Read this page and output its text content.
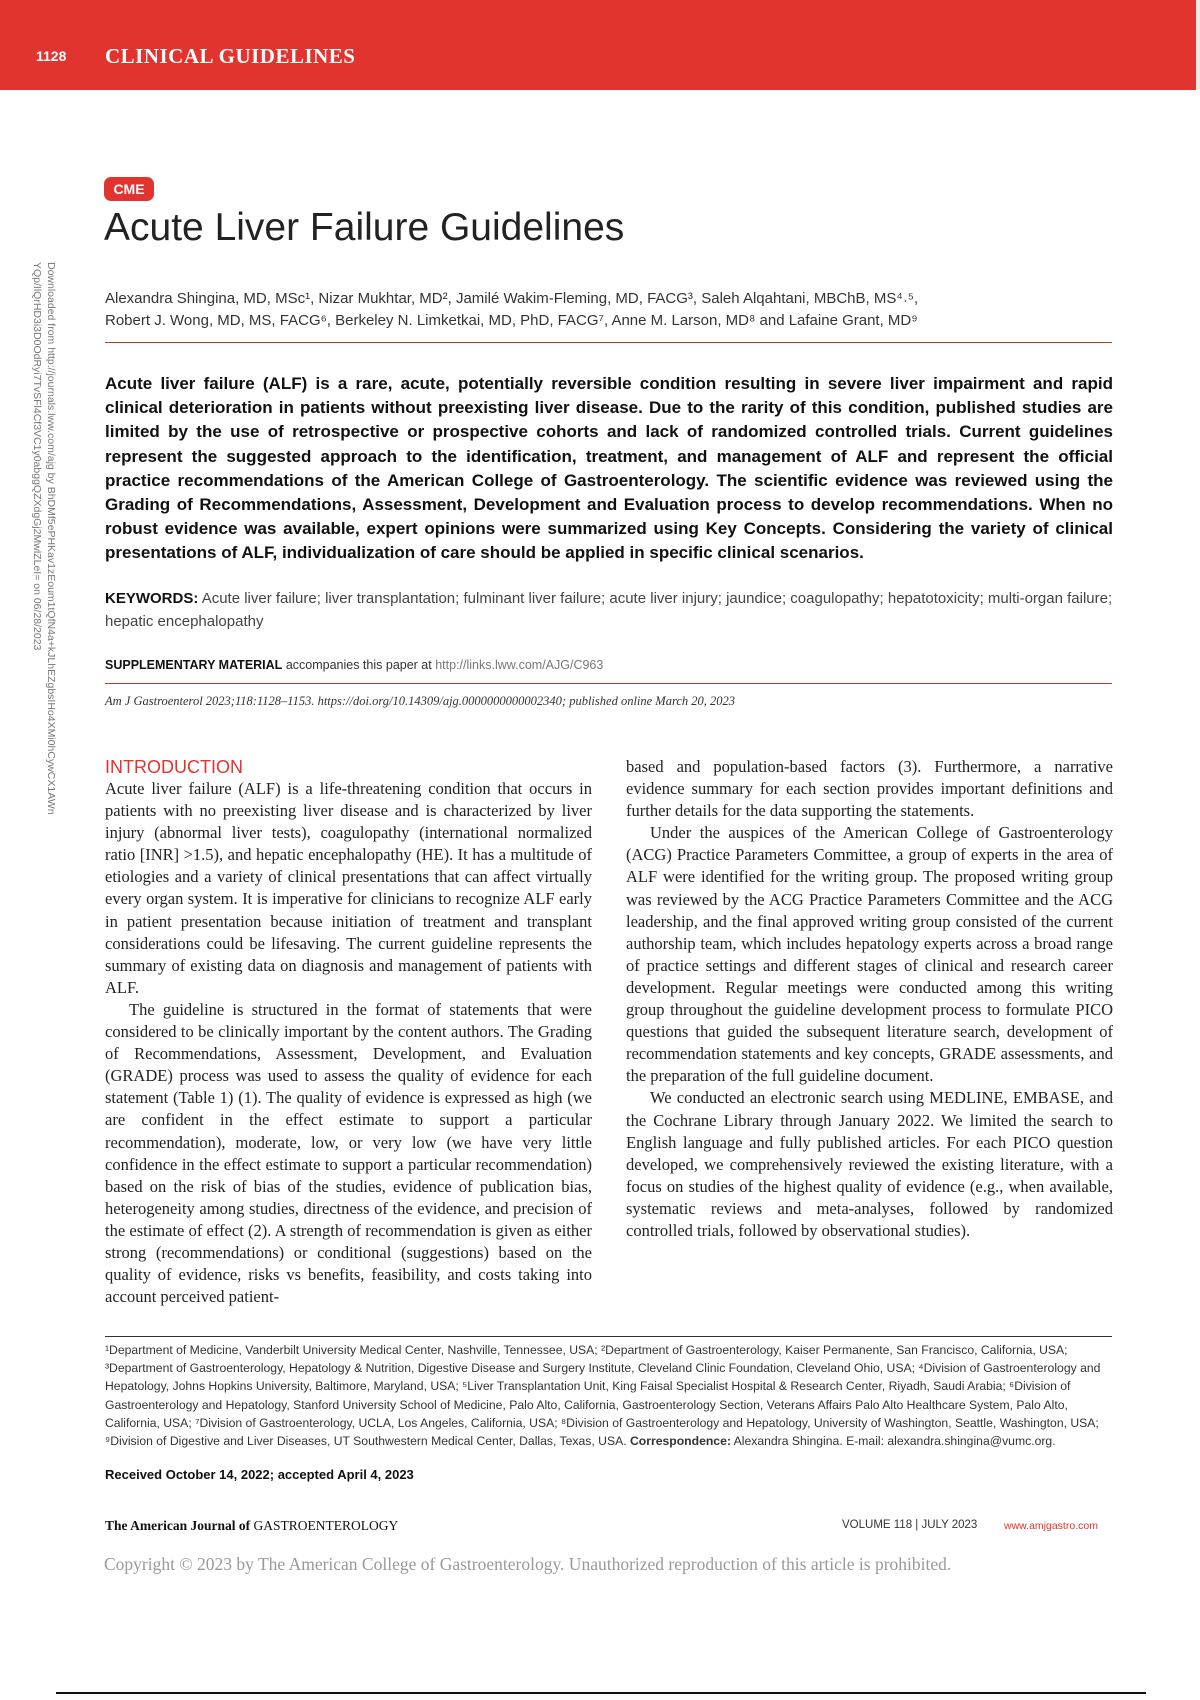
1128 CLINICAL GUIDELINES
Downloaded from http://journals.lww.com/ajg by BhDMf5ePHKav1zEoum1tQfN4a+kJLhEZgbsIHo4XMi0hCywCX1AWn
YQp/IlQrHD3i3D0OdRyi7TvSFl4Cf3VC1y0abggQZXdgGj2MwlZLeI= on 06/28/2023
CME
Acute Liver Failure Guidelines
Alexandra Shingina, MD, MSc¹, Nizar Mukhtar, MD², Jamilé Wakim-Fleming, MD, FACG³, Saleh Alqahtani, MBChB, MS⁴˒⁵,
Robert J. Wong, MD, MS, FACG⁶, Berkeley N. Limketkai, MD, PhD, FACG⁷, Anne M. Larson, MD⁸ and Lafaine Grant, MD⁹
Acute liver failure (ALF) is a rare, acute, potentially reversible condition resulting in severe liver impairment and rapid clinical deterioration in patients without preexisting liver disease. Due to the rarity of this condition, published studies are limited by the use of retrospective or prospective cohorts and lack of randomized controlled trials. Current guidelines represent the suggested approach to the identification, treatment, and management of ALF and represent the official practice recommendations of the American College of Gastroenterology. The scientific evidence was reviewed using the Grading of Recommendations, Assessment, Development and Evaluation process to develop recommendations. When no robust evidence was available, expert opinions were summarized using Key Concepts. Considering the variety of clinical presentations of ALF, individualization of care should be applied in specific clinical scenarios.
KEYWORDS: Acute liver failure; liver transplantation; fulminant liver failure; acute liver injury; jaundice; coagulopathy; hepatotoxicity; multi-organ failure; hepatic encephalopathy
SUPPLEMENTARY MATERIAL accompanies this paper at http://links.lww.com/AJG/C963
Am J Gastroenterol 2023;118:1128–1153. https://doi.org/10.14309/ajg.0000000000002340; published online March 20, 2023
INTRODUCTION

Acute liver failure (ALF) is a life-threatening condition that occurs in patients with no preexisting liver disease and is characterized by liver injury (abnormal liver tests), coagulopathy (international normalized ratio [INR] >1.5), and hepatic encephalopathy (HE). It has a multitude of etiologies and a variety of clinical presentations that can affect virtually every organ system. It is imperative for clinicians to recognize ALF early in patient presentation because initiation of treatment and transplant considerations could be lifesaving. The current guideline represents the summary of existing data on diagnosis and management of patients with ALF.

The guideline is structured in the format of statements that were considered to be clinically important by the content authors. The Grading of Recommendations, Assessment, Development, and Evaluation (GRADE) process was used to assess the quality of evidence for each statement (Table 1) (1). The quality of evidence is expressed as high (we are confident in the effect estimate to support a particular recommendation), moderate, low, or very low (we have very little confidence in the effect estimate to support a particular recommendation) based on the risk of bias of the studies, evidence of publication bias, heterogeneity among studies, directness of the evidence, and precision of the estimate of effect (2). A strength of recommendation is given as either strong (recommendations) or conditional (suggestions) based on the quality of evidence, risks vs benefits, feasibility, and costs taking into account perceived patient-

based and population-based factors (3). Furthermore, a narrative evidence summary for each section provides important definitions and further details for the data supporting the statements.

Under the auspices of the American College of Gastroenterology (ACG) Practice Parameters Committee, a group of experts in the area of ALF were identified for the writing group. The proposed writing group was reviewed by the ACG Practice Parameters Committee and the ACG leadership, and the final approved writing group consisted of the current authorship team, which includes hepatology experts across a broad range of practice settings and different stages of clinical and research career development. Regular meetings were conducted among this writing group throughout the guideline development process to formulate PICO questions that guided the subsequent literature search, development of recommendation statements and key concepts, GRADE assessments, and the preparation of the full guideline document.

We conducted an electronic search using MEDLINE, EMBASE, and the Cochrane Library through January 2022. We limited the search to English language and fully published articles. For each PICO question developed, we comprehensively reviewed the existing literature, with a focus on studies of the highest quality of evidence (e.g., when available, systematic reviews and meta-analyses, followed by randomized controlled trials, followed by observational studies).

¹Department of Medicine, Vanderbilt University Medical Center, Nashville, Tennessee, USA; ²Department of Gastroenterology, Kaiser Permanente, San Francisco, California, USA; ³Department of Gastroenterology, Hepatology & Nutrition, Digestive Disease and Surgery Institute, Cleveland Clinic Foundation, Cleveland Ohio, USA; ⁴Division of Gastroenterology and Hepatology, Johns Hopkins University, Baltimore, Maryland, USA; ⁵Liver Transplantation Unit, King Faisal Specialist Hospital & Research Center, Riyadh, Saudi Arabia; ⁶Division of Gastroenterology and Hepatology, Stanford University School of Medicine, Palo Alto, California, Gastroenterology Section, Veterans Affairs Palo Alto Healthcare System, Palo Alto, California, USA; ⁷Division of Gastroenterology, UCLA, Los Angeles, California, USA; ⁸Division of Gastroenterology and Hepatology, University of Washington, Seattle, Washington, USA; ⁹Division of Digestive and Liver Diseases, UT Southwestern Medical Center, Dallas, Texas, USA. Correspondence: Alexandra Shingina. E-mail: alexandra.shingina@vumc.org.
Received October 14, 2022; accepted April 4, 2023
The American Journal of GASTROENTEROLOGY	VOLUME 118 | JULY 2023	www.amjgastro.com
Copyright © 2023 by The American College of Gastroenterology. Unauthorized reproduction of this article is prohibited.
